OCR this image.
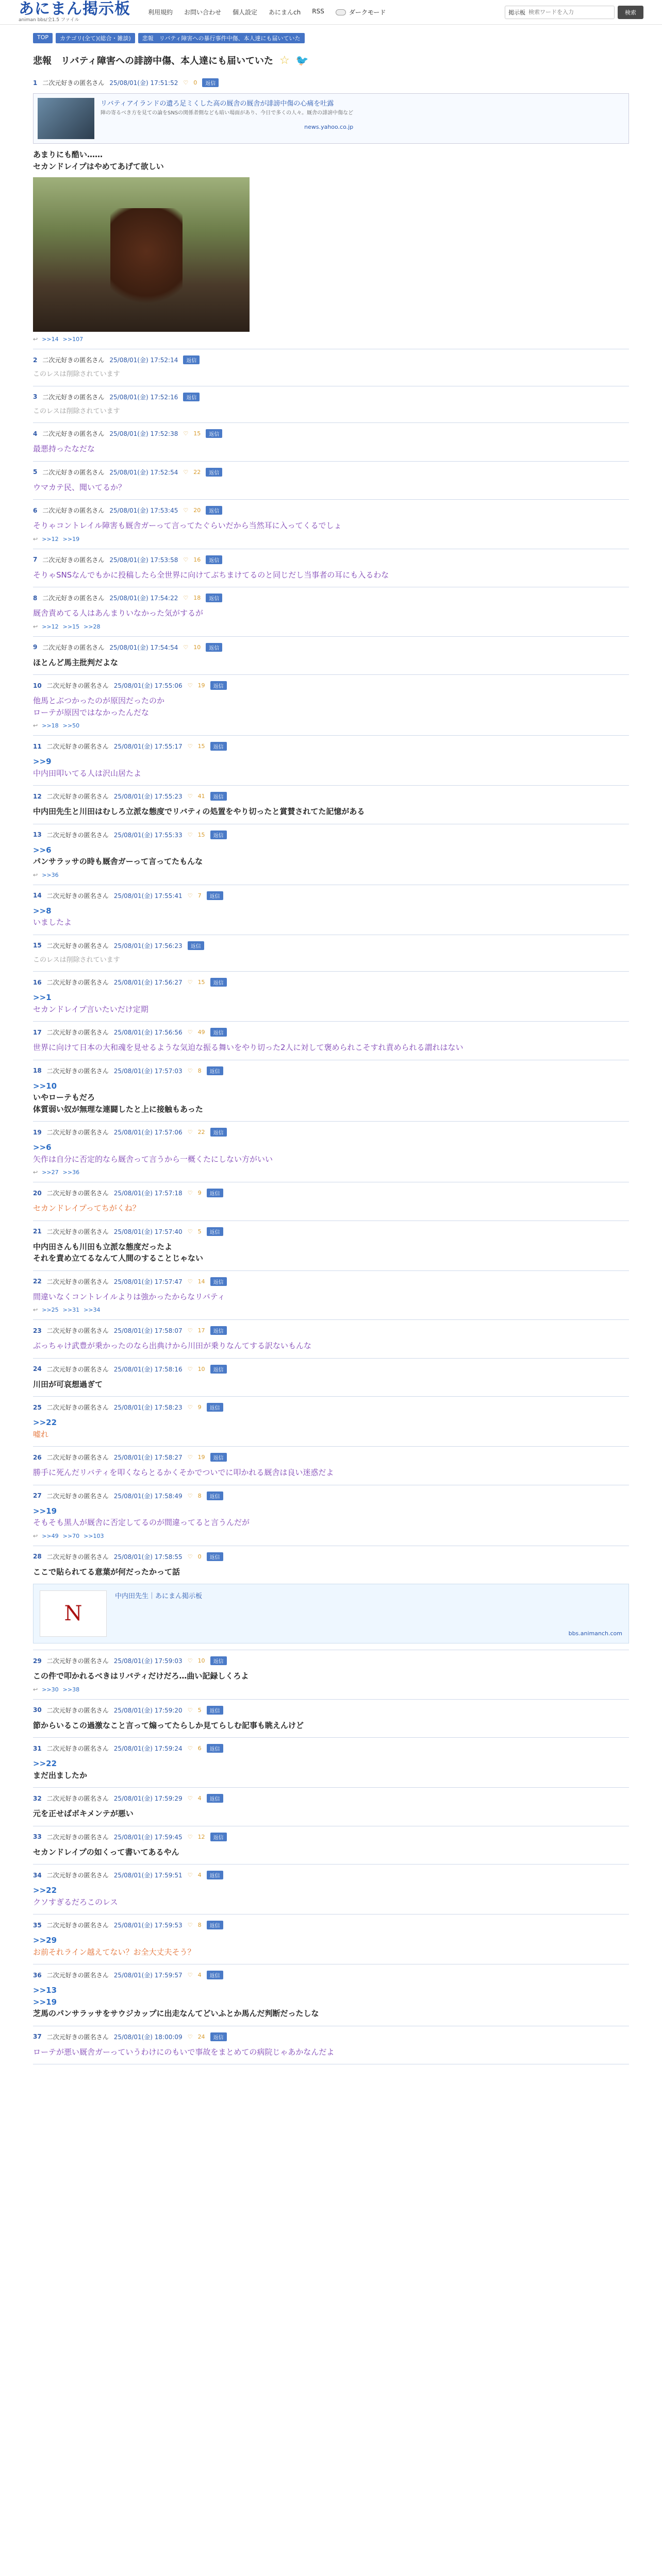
あにまん掲示板
animan bbs/全1.5 ファイル
利用規約 お問い合わせ 個人設定 あにまんch RSS	ダークモード	掲示板
検索ワードを入力	検索
TOP	カテゴリ(全て)(総合・雑談)	悲報　リバティ障害への暴行事件中傷、本人達にも届いていた
悲報　リバティ障害への誹謗中傷、本人達にも届いていた ☆ 🐦
1 二次元好きの匿名さん 25/08/01(金) 17:51:52 ♡ 0	返信
リバティアイランドの遺ろ足ミくした高の厩舎の厩舎が誹謗中傷の心痛を吐露
陣の寄るべき方を見ての論をSNSの関係者側なども暗い場面があり、今日で多くの人々。厩舎の誹謗中傷など
news.yahoo.co.jp
あまりにも酷い……
セカンドレイプはやめてあげて欲しい
↩ >>14 >>107
2 二次元好きの匿名さん 25/08/01(金) 17:52:14	返信
このレスは削除されています
3 二次元好きの匿名さん 25/08/01(金) 17:52:16	返信
このレスは削除されています
4 二次元好きの匿名さん 25/08/01(金) 17:52:38 ♡ 15	返信
最悪持ったなだな
5 二次元好きの匿名さん 25/08/01(金) 17:52:54 ♡ 22	返信
ウマカテ民、聞いてるか？
6 二次元好きの匿名さん 25/08/01(金) 17:53:45 ♡ 20	返信
そりゃコントレイル障害も厩舎ガーって言ってたぐらいだから当然耳に入ってくるでしょ
↩ >>12 >>19
7 二次元好きの匿名さん 25/08/01(金) 17:53:58 ♡ 16	返信
そりゃSNSなんでもかに投稿したら全世界に向けてぶちまけてるのと同じだし当事者の耳にも入るわな
8 二次元好きの匿名さん 25/08/01(金) 17:54:22 ♡ 18	返信
厩舎責めてる人はあんまりいなかった気がするが
↩ >>12 >>15 >>28
9 二次元好きの匿名さん 25/08/01(金) 17:54:54 ♡ 10	返信
ほとんど馬主批判だよな
10 二次元好きの匿名さん 25/08/01(金) 17:55:06 ♡ 19	返信
他馬とぶつかったのが原因だったのか
ローテが原因ではなかったんだな
↩ >>18 >>50
11 二次元好きの匿名さん 25/08/01(金) 17:55:17 ♡ 15	返信
>>9
中内田叩いてる人は沢山居たよ
12 二次元好きの匿名さん 25/08/01(金) 17:55:23 ♡ 41	返信
中内田先生と川田はむしろ立派な態度でリバティの処置をやり切ったと賞賛されてた記憶がある
13 二次元好きの匿名さん 25/08/01(金) 17:55:33 ♡ 15	返信
>>6
パンサラッサの時も厩舎ガーって言ってたもんな
↩ >>36
14 二次元好きの匿名さん 25/08/01(金) 17:55:41 ♡ 7	返信
>>8
いましたよ
15 二次元好きの匿名さん 25/08/01(金) 17:56:23	返信
このレスは削除されています
16 二次元好きの匿名さん 25/08/01(金) 17:56:27 ♡ 15	返信
>>1
セカンドレイプ言いたいだけ定期
17 二次元好きの匿名さん 25/08/01(金) 17:56:56 ♡ 49	返信
世界に向けて日本の大和魂を見せるような気迫な振る舞いをやり切った2人に対して褒められこそすれ責められる謂れはない
18 二次元好きの匿名さん 25/08/01(金) 17:57:03 ♡ 8	返信
>>10
いやローテもだろ
体質弱い奴が無理な連闘したと上に接触もあった
19 二次元好きの匿名さん 25/08/01(金) 17:57:06 ♡ 22	返信
>>6
矢作は自分に否定的なら厩舎って言うから一概くたにしない方がいい
↩ >>27 >>36
20 二次元好きの匿名さん 25/08/01(金) 17:57:18 ♡ 9	返信
セカンドレイプってちがくね？
21 二次元好きの匿名さん 25/08/01(金) 17:57:40 ♡ 5	返信
中内田さんも川田も立派な態度だったよ
それを責め立てるなんて人間のすることじゃない
22 二次元好きの匿名さん 25/08/01(金) 17:57:47 ♡ 14	返信
間違いなくコントレイルよりは強かったからなリバティ
↩ >>25 >>31 >>34
23 二次元好きの匿名さん 25/08/01(金) 17:58:07 ♡ 17	返信
ぶっちゃけ武豊が乗かったのなら出典けから川田が乗りなんてする訳ないもんな
24 二次元好きの匿名さん 25/08/01(金) 17:58:16 ♡ 10	返信
川田が可哀想過ぎて
25 二次元好きの匿名さん 25/08/01(金) 17:58:23 ♡ 9	返信
>>22
嘘れ
26 二次元好きの匿名さん 25/08/01(金) 17:58:27 ♡ 19	返信
勝手に死んだリバティを叩くならとるかくそかでついでに叩かれる厩舎は良い迷惑だよ
27 二次元好きの匿名さん 25/08/01(金) 17:58:49 ♡ 8	返信
>>19
そもそも黒人が厩舎に否定してるのが間違ってると言うんだが
↩ >>49 >>70 >>103
28 二次元好きの匿名さん 25/08/01(金) 17:58:55 ♡ 0	返信
ここで貼られてる意葉が何だったかって話
N
中内田先生｜あにまん掲示板
bbs.animanch.com
29 二次元好きの匿名さん 25/08/01(金) 17:59:03 ♡ 10	返信
この件で叩かれるべきはリバティだけだろ…曲い記録しくろよ
↩ >>30 >>38
30 二次元好きの匿名さん 25/08/01(金) 17:59:20 ♡ 5	返信
節からいるこの過激なこと言って煽ってたらしか見てらしむ記事も眺えんけど
31 二次元好きの匿名さん 25/08/01(金) 17:59:24 ♡ 6	返信
>>22
まだ出ましたか
32 二次元好きの匿名さん 25/08/01(金) 17:59:29 ♡ 4	返信
元を正せばボキメンテが悪い
33 二次元好きの匿名さん 25/08/01(金) 17:59:45 ♡ 12	返信
セカンドレイプの如くって書いてあるやん
34 二次元好きの匿名さん 25/08/01(金) 17:59:51 ♡ 4	返信
>>22
クソすぎるだろこのレス
35 二次元好きの匿名さん 25/08/01(金) 17:59:53 ♡ 8	返信
>>29
お前それライン越えてない？お全大丈夫そう？
36 二次元好きの匿名さん 25/08/01(金) 17:59:57 ♡ 4	返信
>>13
>>19
芝馬のパンサラッサをサウジカップに出走なんてどいふとか馬んだ判断だったしな
37 二次元好きの匿名さん 25/08/01(金) 18:00:09 ♡ 24	返信
ローテが悪い厩舎ガーっていうわけにのもいで事故をまとめての病院じゃあかなんだよ
